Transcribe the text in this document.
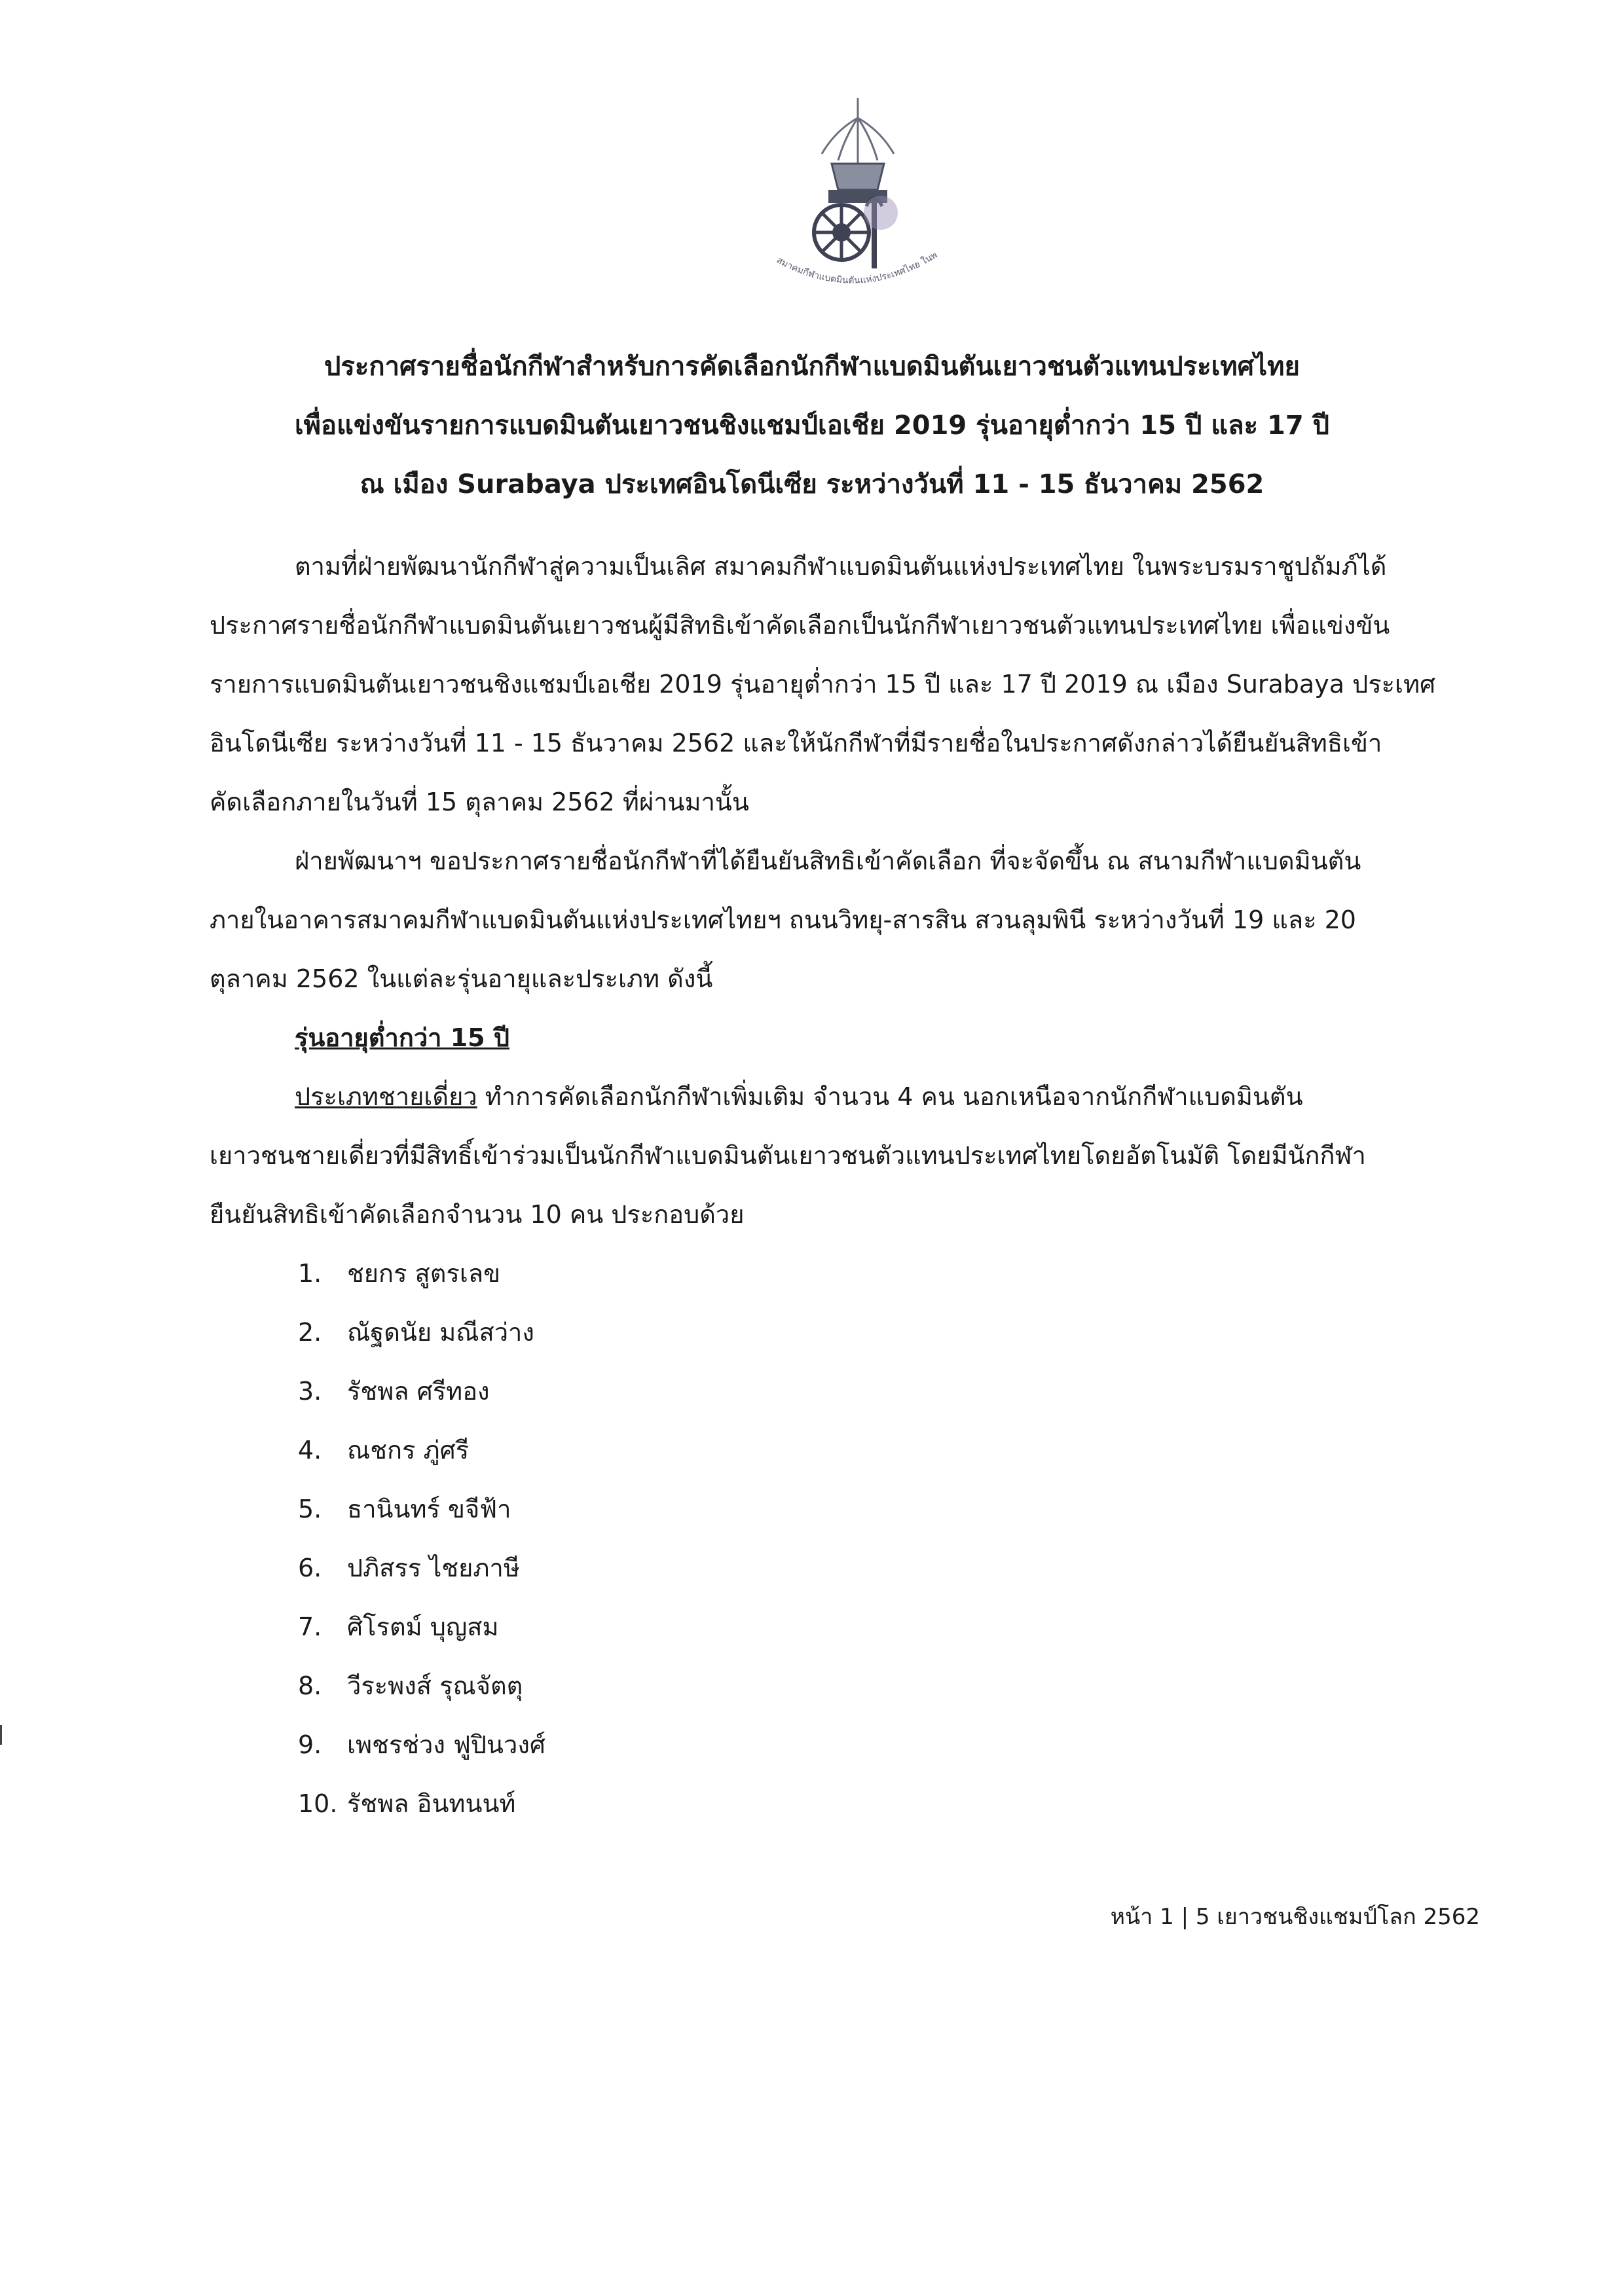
สมาคมกีฬาแบดมินตันแห่งประเทศไทย ในพ
ประกาศรายชื่อนักกีฬาสำหรับการคัดเลือกนักกีฬาแบดมินตันเยาวชนตัวแทนประเทศไทย
เพื่อแข่งขันรายการแบดมินตันเยาวชนชิงแชมป์เอเชีย 2019 รุ่นอายุต่ำกว่า 15 ปี และ 17 ปี
ณ เมือง Surabaya ประเทศอินโดนีเซีย ระหว่างวันที่ 11 - 15 ธันวาคม 2562
ตามที่ฝ่ายพัฒนานักกีฬาสู่ความเป็นเลิศ สมาคมกีฬาแบดมินตันแห่งประเทศไทย ในพระบรมราชูปถัมภ์ได้
ประกาศรายชื่อนักกีฬาแบดมินตันเยาวชนผู้มีสิทธิเข้าคัดเลือกเป็นนักกีฬาเยาวชนตัวแทนประเทศไทย เพื่อแข่งขัน
รายการแบดมินตันเยาวชนชิงแชมป์เอเชีย 2019 รุ่นอายุต่ำกว่า 15 ปี และ 17 ปี 2019 ณ เมือง Surabaya ประเทศ
อินโดนีเซีย ระหว่างวันที่ 11 - 15 ธันวาคม 2562 และให้นักกีฬาที่มีรายชื่อในประกาศดังกล่าวได้ยืนยันสิทธิเข้า
คัดเลือกภายในวันที่ 15 ตุลาคม 2562 ที่ผ่านมานั้น
ฝ่ายพัฒนาฯ ขอประกาศรายชื่อนักกีฬาที่ได้ยืนยันสิทธิเข้าคัดเลือก ที่จะจัดขึ้น ณ สนามกีฬาแบดมินตัน
ภายในอาคารสมาคมกีฬาแบดมินตันแห่งประเทศไทยฯ ถนนวิทยุ-สารสิน สวนลุมพินี ระหว่างวันที่ 19 และ 20
ตุลาคม 2562 ในแต่ละรุ่นอายุและประเภท ดังนี้
รุ่นอายุต่ำกว่า 15 ปี
ประเภทชายเดี่ยว ทำการคัดเลือกนักกีฬาเพิ่มเติม จำนวน 4 คน นอกเหนือจากนักกีฬาแบดมินตัน
เยาวชนชายเดี่ยวที่มีสิทธิ์เข้าร่วมเป็นนักกีฬาแบดมินตันเยาวชนตัวแทนประเทศไทยโดยอัตโนมัติ โดยมีนักกีฬา
ยืนยันสิทธิเข้าคัดเลือกจำนวน 10 คน ประกอบด้วย
1. ชยกร สูตรเลข
2. ณัฐดนัย มณีสว่าง
3. รัชพล ศรีทอง
4. ณชกร ภู่ศรี
5. ธานินทร์ ขจีฟ้า
6. ปภิสรร ไชยภาษี
7. ศิโรตม์ บุญสม
8. วีระพงส์ รุณจัตตุ
9. เพชรช่วง ฟูปินวงศ์
10. รัชพล อินทนนท์
หน้า 1 | 5 เยาวชนชิงแชมป์โลก 2562
